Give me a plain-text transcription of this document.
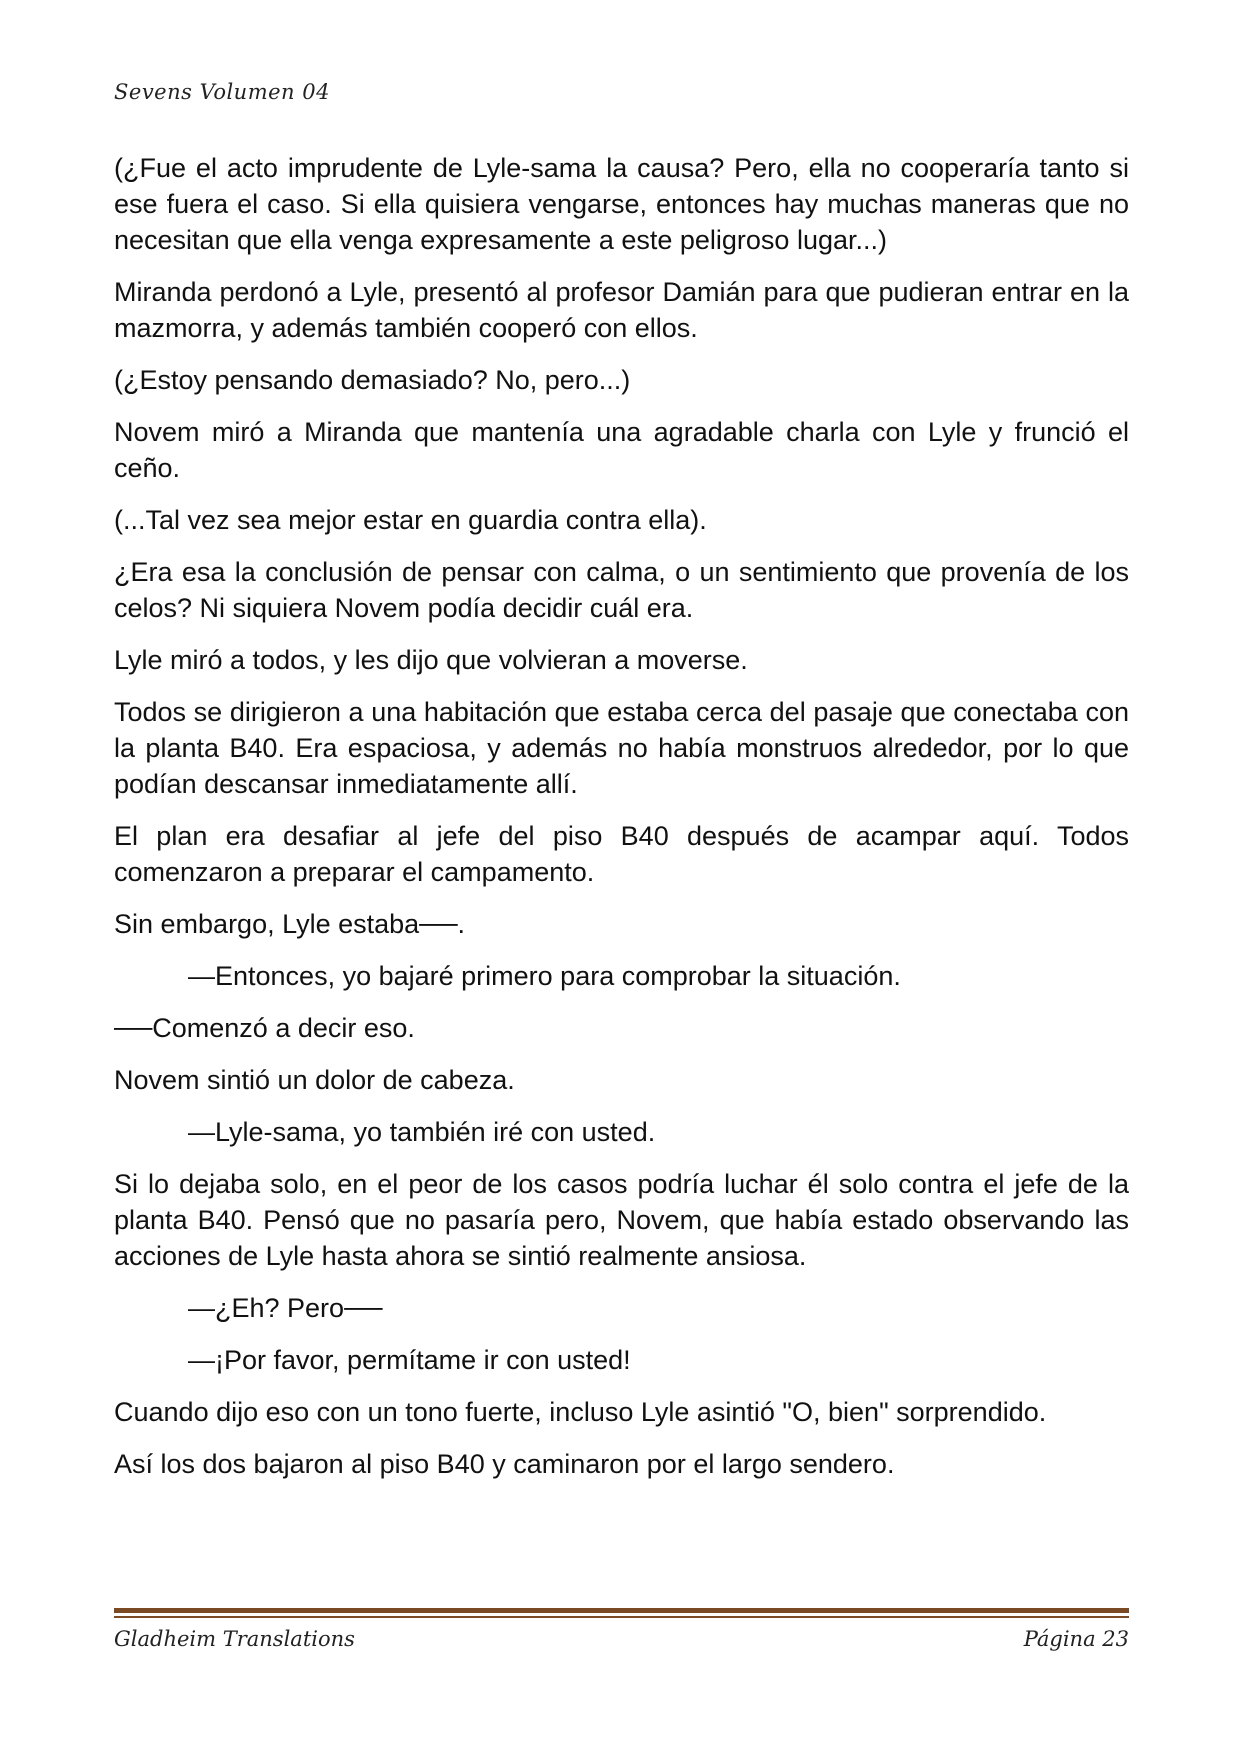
Sevens Volumen 04

(¿Fue el acto imprudente de Lyle-sama la causa? Pero, ella no cooperaría tanto si ese fuera el caso. Si ella quisiera vengarse, entonces hay muchas maneras que no necesitan que ella venga expresamente a este peligroso lugar...)

Miranda perdonó a Lyle, presentó al profesor Damián para que pudieran entrar en la mazmorra, y además también cooperó con ellos.

(¿Estoy pensando demasiado? No, pero...)

Novem miró a Miranda que mantenía una agradable charla con Lyle y frunció el ceño.

(...Tal vez sea mejor estar en guardia contra ella).

¿Era esa la conclusión de pensar con calma, o un sentimiento que provenía de los celos? Ni siquiera Novem podía decidir cuál era.

Lyle miró a todos, y les dijo que volvieran a moverse.

Todos se dirigieron a una habitación que estaba cerca del pasaje que conectaba con la planta B40. Era espaciosa, y además no había monstruos alrededor, por lo que podían descansar inmediatamente allí.

El plan era desafiar al jefe del piso B40 después de acampar aquí. Todos comenzaron a preparar el campamento.

Sin embargo, Lyle estaba──.

—Entonces, yo bajaré primero para comprobar la situación.

──Comenzó a decir eso.

Novem sintió un dolor de cabeza.

—Lyle-sama, yo también iré con usted.

Si lo dejaba solo, en el peor de los casos podría luchar él solo contra el jefe de la planta B40. Pensó que no pasaría pero, Novem, que había estado observando las acciones de Lyle hasta ahora se sintió realmente ansiosa.

—¿Eh? Pero──

—¡Por favor, permítame ir con usted!

Cuando dijo eso con un tono fuerte, incluso Lyle asintió "O, bien" sorprendido.

Así los dos bajaron al piso B40 y caminaron por el largo sendero.

Gladheim Translations	Página 23
